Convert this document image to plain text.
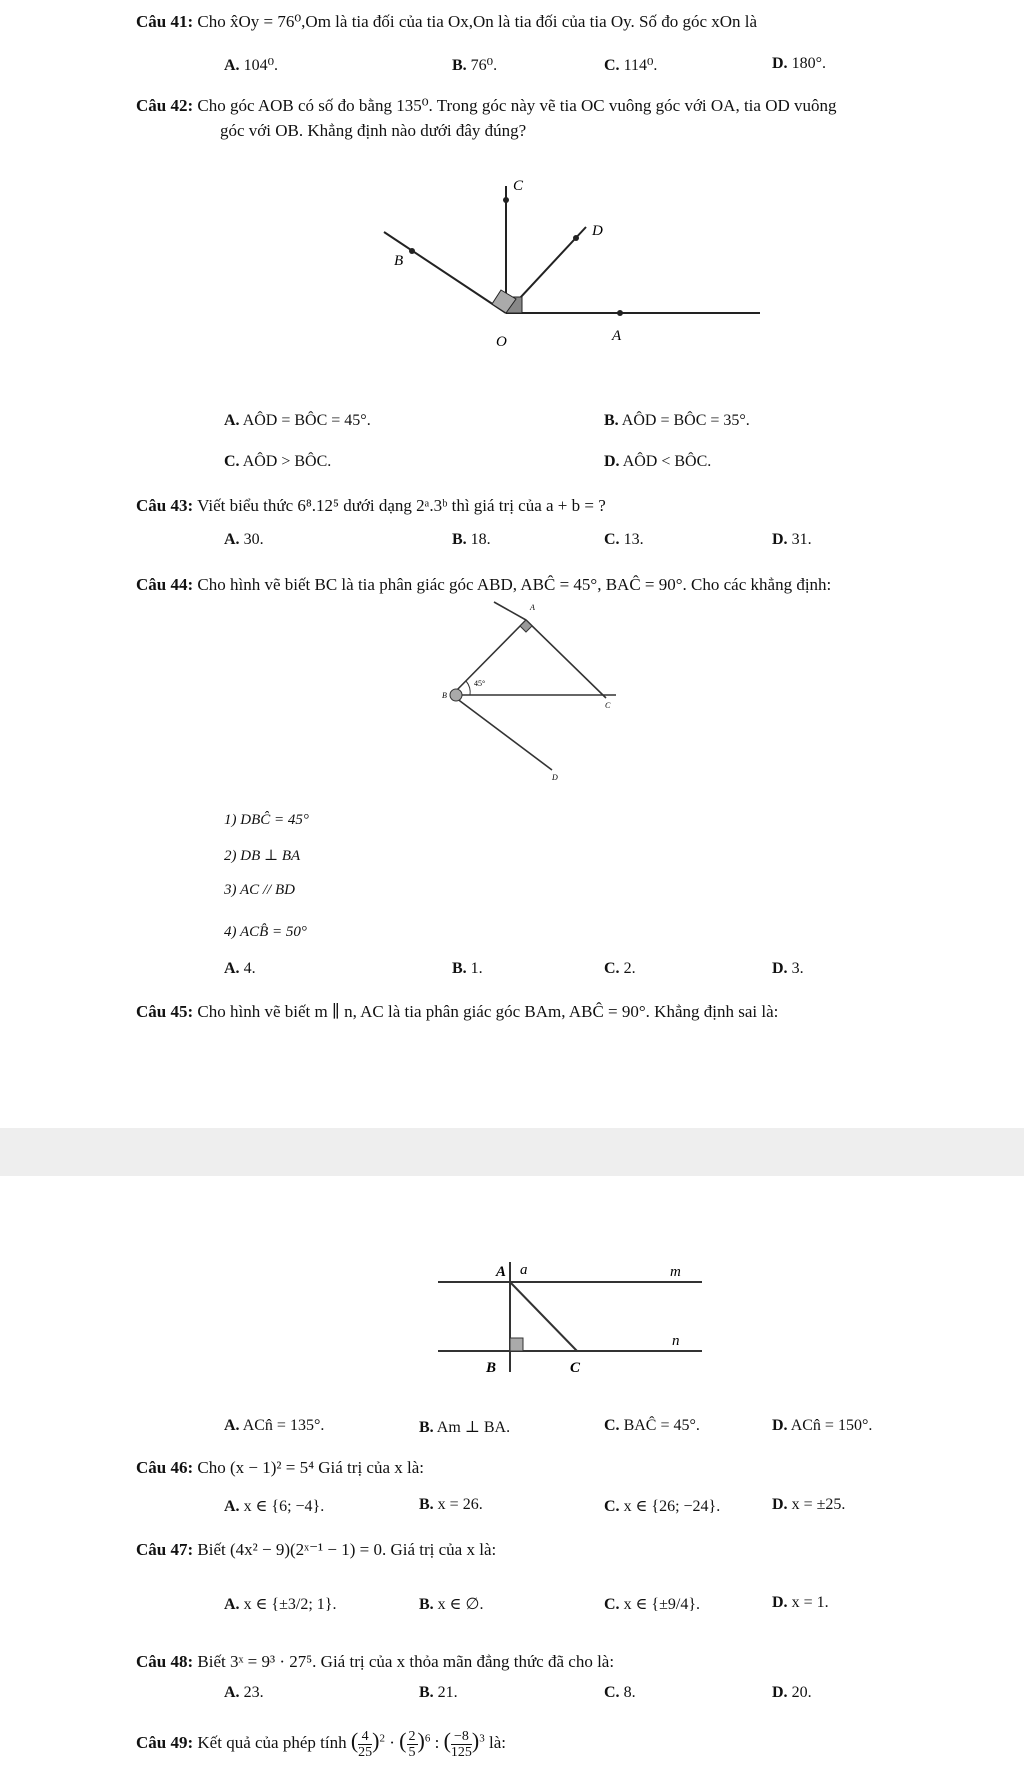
Câu 41: Cho x̂Oy = 76⁰,Om là tia đối của tia Ox,On là tia đối của tia Oy. Số đo góc xOn là
A. 104⁰.	B. 76⁰.	C. 114⁰.	D. 180°.
Câu 42: Cho góc AOB có số đo bằng 135⁰. Trong góc này vẽ tia OC vuông góc với OA, tia OD vuông
góc với OB. Khẳng định nào dưới đây đúng?
C
D
B
O	A
A. AÔD = BÔC = 45°.	B. AÔD = BÔC = 35°.
C. AÔD > BÔC.	D. AÔD < BÔC.
Câu 43: Viết biểu thức 6⁸.12⁵ dưới dạng 2ᵃ.3ᵇ thì giá trị của a + b = ?
A. 30.	B. 18.	C. 13.	D. 31.
Câu 44: Cho hình vẽ biết BC là tia phân giác góc ABD, ABĈ = 45°, BAĈ = 90°. Cho các khẳng định:
A
B
C
D
45°
1) DBĈ = 45°
2) DB ⊥ BA
3) AC // BD
4) ACB̂ = 50°
A. 4.	B. 1.	C. 2.	D. 3.
Câu 45: Cho hình vẽ biết m ∥ n, AC là tia phân giác góc BAm, ABĈ = 90°. Khẳng định sai là:
A a	m
n
B	C
A. ACn̂ = 135°.	B. Am ⊥ BA.	C. BAĈ = 45°.	D. ACn̂ = 150°.
Câu 46: Cho (x − 1)² = 5⁴ Giá trị của x là:
A. x ∈ {6; −4}.	B. x = 26.	C. x ∈ {26; −24}.	D. x = ±25.
Câu 47: Biết (4x² − 9)(2ˣ⁻¹ − 1) = 0. Giá trị của x là:
A. x ∈ {±3/2; 1}.	B. x ∈ ∅.	C. x ∈ {±9/4}.	D. x = 1.
Câu 48: Biết 3ˣ = 9³ · 27⁵. Giá trị của x thỏa mãn đẳng thức đã cho là:
A. 23.	B. 21.	C. 8.	D. 20.
Câu 49: Kết quả của phép tính ( $\frac{4}{25} )^2$ · ( $\frac{2}{5} )^6$ : ( $\frac{-8}{125} )^3$ là:
